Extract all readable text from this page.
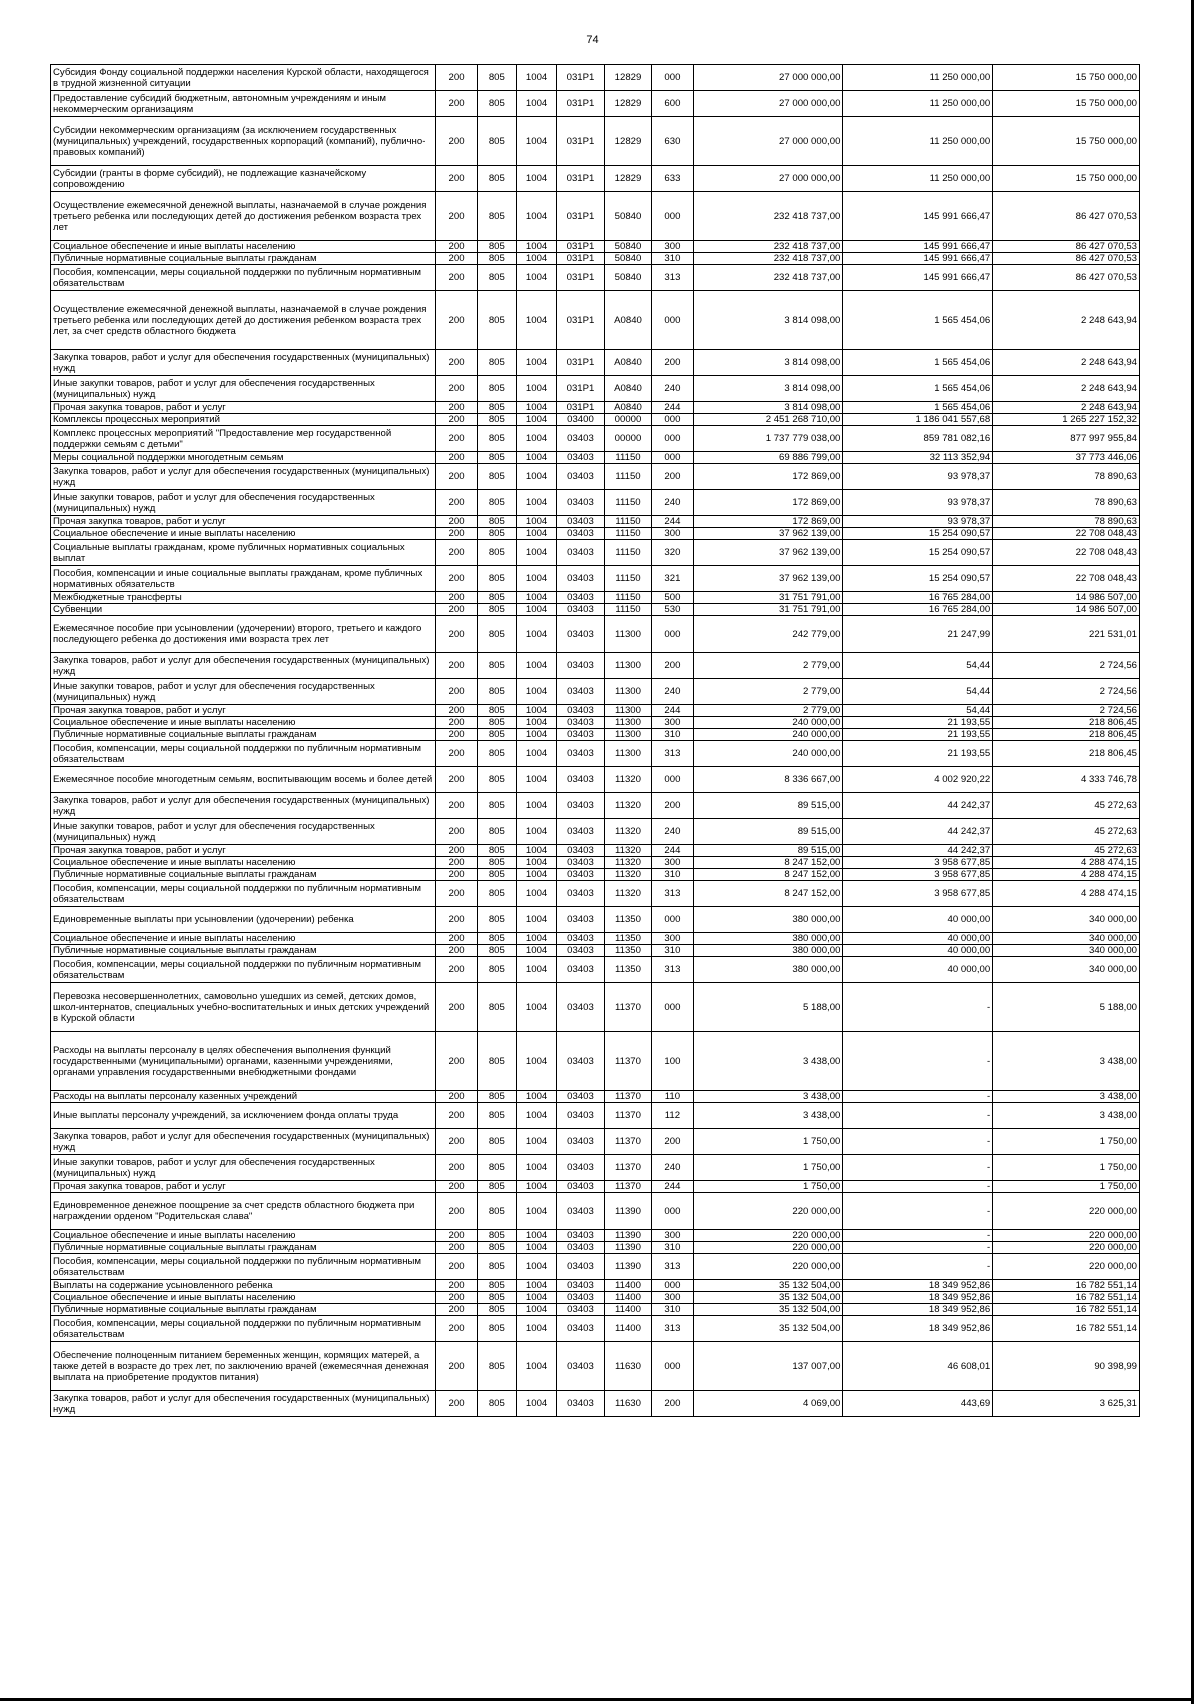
74
Субсидия Фонду социальной поддержки населения Курской области, находящегося в трудной жизненной ситуации	200	805	1004	031P1	12829	000	27 000 000,00	11 250 000,00	15 750 000,00
Предоставление субсидий бюджетным, автономным учреждениям и иным некоммерческим организациям	200	805	1004	031P1	12829	600	27 000 000,00	11 250 000,00	15 750 000,00
Субсидии некоммерческим организациям (за исключением государственных (муниципальных) учреждений, государственных корпораций (компаний), публично-правовых компаний)	200	805	1004	031P1	12829	630	27 000 000,00	11 250 000,00	15 750 000,00
Субсидии (гранты в форме субсидий), не подлежащие казначейскому сопровождению	200	805	1004	031P1	12829	633	27 000 000,00	11 250 000,00	15 750 000,00
Осуществление ежемесячной денежной выплаты, назначаемой в случае рождения третьего ребенка или последующих детей до достижения ребенком возраста трех лет	200	805	1004	031P1	50840	000	232 418 737,00	145 991 666,47	86 427 070,53
Социальное обеспечение и иные выплаты населению	200	805	1004	031P1	50840	300	232 418 737,00	145 991 666,47	86 427 070,53
Публичные нормативные социальные выплаты гражданам	200	805	1004	031P1	50840	310	232 418 737,00	145 991 666,47	86 427 070,53
Пособия, компенсации, меры социальной поддержки по публичным нормативным обязательствам	200	805	1004	031P1	50840	313	232 418 737,00	145 991 666,47	86 427 070,53
Осуществление ежемесячной денежной выплаты, назначаемой в случае рождения третьего ребенка или последующих детей до достижения ребенком возраста трех лет, за счет средств областного бюджета	200	805	1004	031P1	А0840	000	3 814 098,00	1 565 454,06	2 248 643,94
Закупка товаров, работ и услуг для обеспечения государственных (муниципальных) нужд	200	805	1004	031P1	А0840	200	3 814 098,00	1 565 454,06	2 248 643,94
Иные закупки товаров, работ и услуг для обеспечения государственных (муниципальных) нужд	200	805	1004	031P1	А0840	240	3 814 098,00	1 565 454,06	2 248 643,94
Прочая закупка товаров, работ и услуг	200	805	1004	031P1	А0840	244	3 814 098,00	1 565 454,06	2 248 643,94
Комплексы процессных мероприятий	200	805	1004	03400	00000	000	2 451 268 710,00	1 186 041 557,68	1 265 227 152,32
Комплекс процессных мероприятий "Предоставление мер государственной поддержки семьям с детьми"	200	805	1004	03403	00000	000	1 737 779 038,00	859 781 082,16	877 997 955,84
Меры социальной поддержки многодетным семьям	200	805	1004	03403	11150	000	69 886 799,00	32 113 352,94	37 773 446,06
Закупка товаров, работ и услуг для обеспечения государственных (муниципальных) нужд	200	805	1004	03403	11150	200	172 869,00	93 978,37	78 890,63
Иные закупки товаров, работ и услуг для обеспечения государственных (муниципальных) нужд	200	805	1004	03403	11150	240	172 869,00	93 978,37	78 890,63
Прочая закупка товаров, работ и услуг	200	805	1004	03403	11150	244	172 869,00	93 978,37	78 890,63
Социальное обеспечение и иные выплаты населению	200	805	1004	03403	11150	300	37 962 139,00	15 254 090,57	22 708 048,43
Социальные выплаты гражданам, кроме публичных нормативных социальных выплат	200	805	1004	03403	11150	320	37 962 139,00	15 254 090,57	22 708 048,43
Пособия, компенсации и иные социальные выплаты гражданам, кроме публичных нормативных обязательств	200	805	1004	03403	11150	321	37 962 139,00	15 254 090,57	22 708 048,43
Межбюджетные трансферты	200	805	1004	03403	11150	500	31 751 791,00	16 765 284,00	14 986 507,00
Субвенции	200	805	1004	03403	11150	530	31 751 791,00	16 765 284,00	14 986 507,00
Ежемесячное пособие при усыновлении (удочерении) второго, третьего и каждого последующего ребенка до достижения ими возраста трех лет	200	805	1004	03403	11300	000	242 779,00	21 247,99	221 531,01
Закупка товаров, работ и услуг для обеспечения государственных (муниципальных) нужд	200	805	1004	03403	11300	200	2 779,00	54,44	2 724,56
Иные закупки товаров, работ и услуг для обеспечения государственных (муниципальных) нужд	200	805	1004	03403	11300	240	2 779,00	54,44	2 724,56
Прочая закупка товаров, работ и услуг	200	805	1004	03403	11300	244	2 779,00	54,44	2 724,56
Социальное обеспечение и иные выплаты населению	200	805	1004	03403	11300	300	240 000,00	21 193,55	218 806,45
Публичные нормативные социальные выплаты гражданам	200	805	1004	03403	11300	310	240 000,00	21 193,55	218 806,45
Пособия, компенсации, меры социальной поддержки по публичным нормативным обязательствам	200	805	1004	03403	11300	313	240 000,00	21 193,55	218 806,45
Ежемесячное пособие многодетным семьям, воспитывающим восемь и более детей	200	805	1004	03403	11320	000	8 336 667,00	4 002 920,22	4 333 746,78
Закупка товаров, работ и услуг для обеспечения государственных (муниципальных) нужд	200	805	1004	03403	11320	200	89 515,00	44 242,37	45 272,63
Иные закупки товаров, работ и услуг для обеспечения государственных (муниципальных) нужд	200	805	1004	03403	11320	240	89 515,00	44 242,37	45 272,63
Прочая закупка товаров, работ и услуг	200	805	1004	03403	11320	244	89 515,00	44 242,37	45 272,63
Социальное обеспечение и иные выплаты населению	200	805	1004	03403	11320	300	8 247 152,00	3 958 677,85	4 288 474,15
Публичные нормативные социальные выплаты гражданам	200	805	1004	03403	11320	310	8 247 152,00	3 958 677,85	4 288 474,15
Пособия, компенсации, меры социальной поддержки по публичным нормативным обязательствам	200	805	1004	03403	11320	313	8 247 152,00	3 958 677,85	4 288 474,15
Единовременные выплаты при усыновлении (удочерении) ребенка	200	805	1004	03403	11350	000	380 000,00	40 000,00	340 000,00
Социальное обеспечение и иные выплаты населению	200	805	1004	03403	11350	300	380 000,00	40 000,00	340 000,00
Публичные нормативные социальные выплаты гражданам	200	805	1004	03403	11350	310	380 000,00	40 000,00	340 000,00
Пособия, компенсации, меры социальной поддержки по публичным нормативным обязательствам	200	805	1004	03403	11350	313	380 000,00	40 000,00	340 000,00
Перевозка несовершеннолетних, самовольно ушедших из семей, детских домов, школ-интернатов, специальных учебно-воспитательных и иных детских учреждений в Курской области	200	805	1004	03403	11370	000	5 188,00	-	5 188,00
Расходы на выплаты персоналу в целях обеспечения выполнения функций государственными (муниципальными) органами, казенными учреждениями, органами управления государственными внебюджетными фондами	200	805	1004	03403	11370	100	3 438,00	-	3 438,00
Расходы на выплаты персоналу казенных учреждений	200	805	1004	03403	11370	110	3 438,00	-	3 438,00
Иные выплаты персоналу учреждений, за исключением фонда оплаты труда	200	805	1004	03403	11370	112	3 438,00	-	3 438,00
Закупка товаров, работ и услуг для обеспечения государственных (муниципальных) нужд	200	805	1004	03403	11370	200	1 750,00	-	1 750,00
Иные закупки товаров, работ и услуг для обеспечения государственных (муниципальных) нужд	200	805	1004	03403	11370	240	1 750,00	-	1 750,00
Прочая закупка товаров, работ и услуг	200	805	1004	03403	11370	244	1 750,00	-	1 750,00
Единовременное денежное поощрение за счет средств областного бюджета при награждении орденом "Родительская слава"	200	805	1004	03403	11390	000	220 000,00	-	220 000,00
Социальное обеспечение и иные выплаты населению	200	805	1004	03403	11390	300	220 000,00	-	220 000,00
Публичные нормативные социальные выплаты гражданам	200	805	1004	03403	11390	310	220 000,00	-	220 000,00
Пособия, компенсации, меры социальной поддержки по публичным нормативным обязательствам	200	805	1004	03403	11390	313	220 000,00	-	220 000,00
Выплаты на содержание усыновленного ребенка	200	805	1004	03403	11400	000	35 132 504,00	18 349 952,86	16 782 551,14
Социальное обеспечение и иные выплаты населению	200	805	1004	03403	11400	300	35 132 504,00	18 349 952,86	16 782 551,14
Публичные нормативные социальные выплаты гражданам	200	805	1004	03403	11400	310	35 132 504,00	18 349 952,86	16 782 551,14
Пособия, компенсации, меры социальной поддержки по публичным нормативным обязательствам	200	805	1004	03403	11400	313	35 132 504,00	18 349 952,86	16 782 551,14
Обеспечение полноценным питанием беременных женщин, кормящих матерей, а также детей в возрасте до трех лет, по заключению врачей (ежемесячная денежная выплата на приобретение продуктов питания)	200	805	1004	03403	11630	000	137 007,00	46 608,01	90 398,99
Закупка товаров, работ и услуг для обеспечения государственных (муниципальных) нужд	200	805	1004	03403	11630	200	4 069,00	443,69	3 625,31
